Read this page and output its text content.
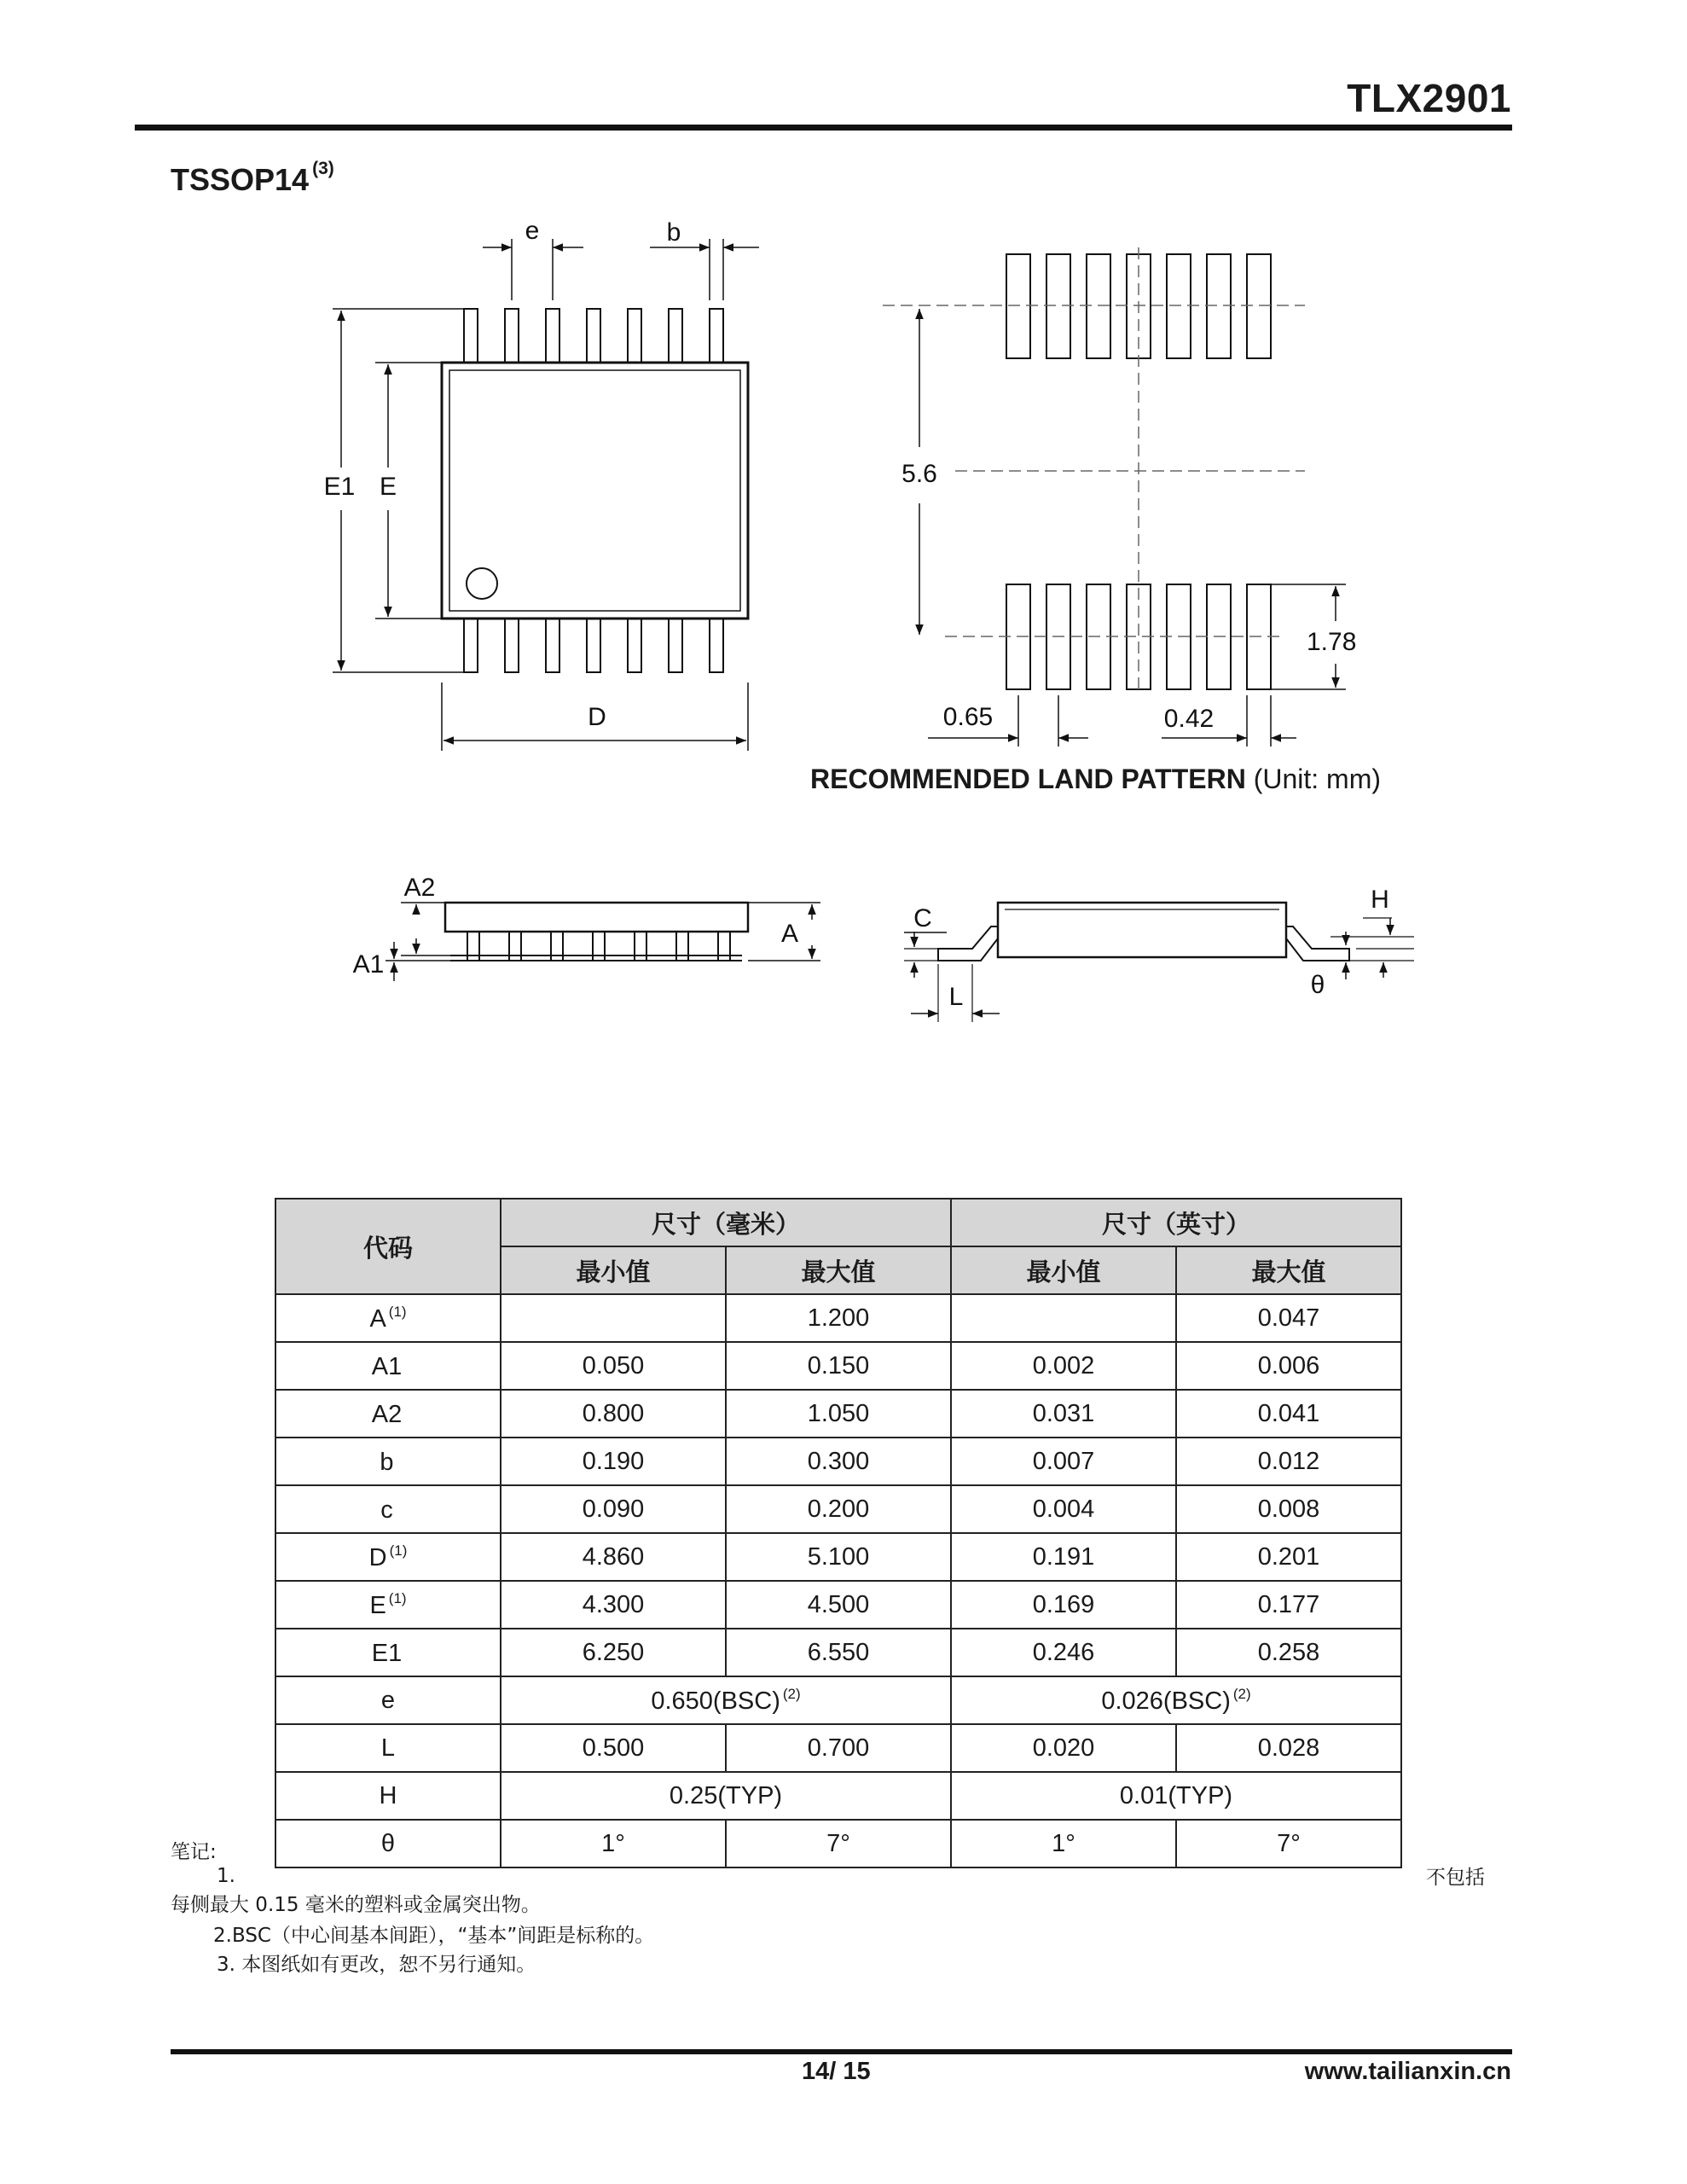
TLX2901
TSSOP14 $^{(3)}$
e	b
E1 E
D
5.6
1.78
0.65	0.42
A2
A1
A
C
L
H
θ
RECOMMENDED LAND PATTERN (Unit: mm)
代码	尺寸（毫米）		尺寸（英寸）	
	最小值	最大值	最小值	最大值
A $^{(1)}$		1.200		0.047
A1	0.050	0.150	0.002	0.006
A2	0.800	1.050	0.031	0.041
b	0.190	0.300	0.007	0.012
c	0.090	0.200	0.004	0.008
D $^{(1)}$	4.860	5.100	0.191	0.201
E $^{(1)}$	4.300	4.500	0.169	0.177
E1	6.250	6.550	0.246	0.258
e	0.650(BSC) $^{(2)}$		0.026(BSC) $^{(2)}$
L	0.500	0.700	0.020	0.028
H	0.25(TYP)		0.01(TYP)	
θ	1°	7°	1°	7°
笔记:
1.	不包括
每侧最大 0.15 毫米的塑料或金属突出物。
2.BSC（中心间基本间距），“基本”间距是标称的。
3. 本图纸如有更改，恕不另行通知。
14/ 15	www.tailianxin.cn
